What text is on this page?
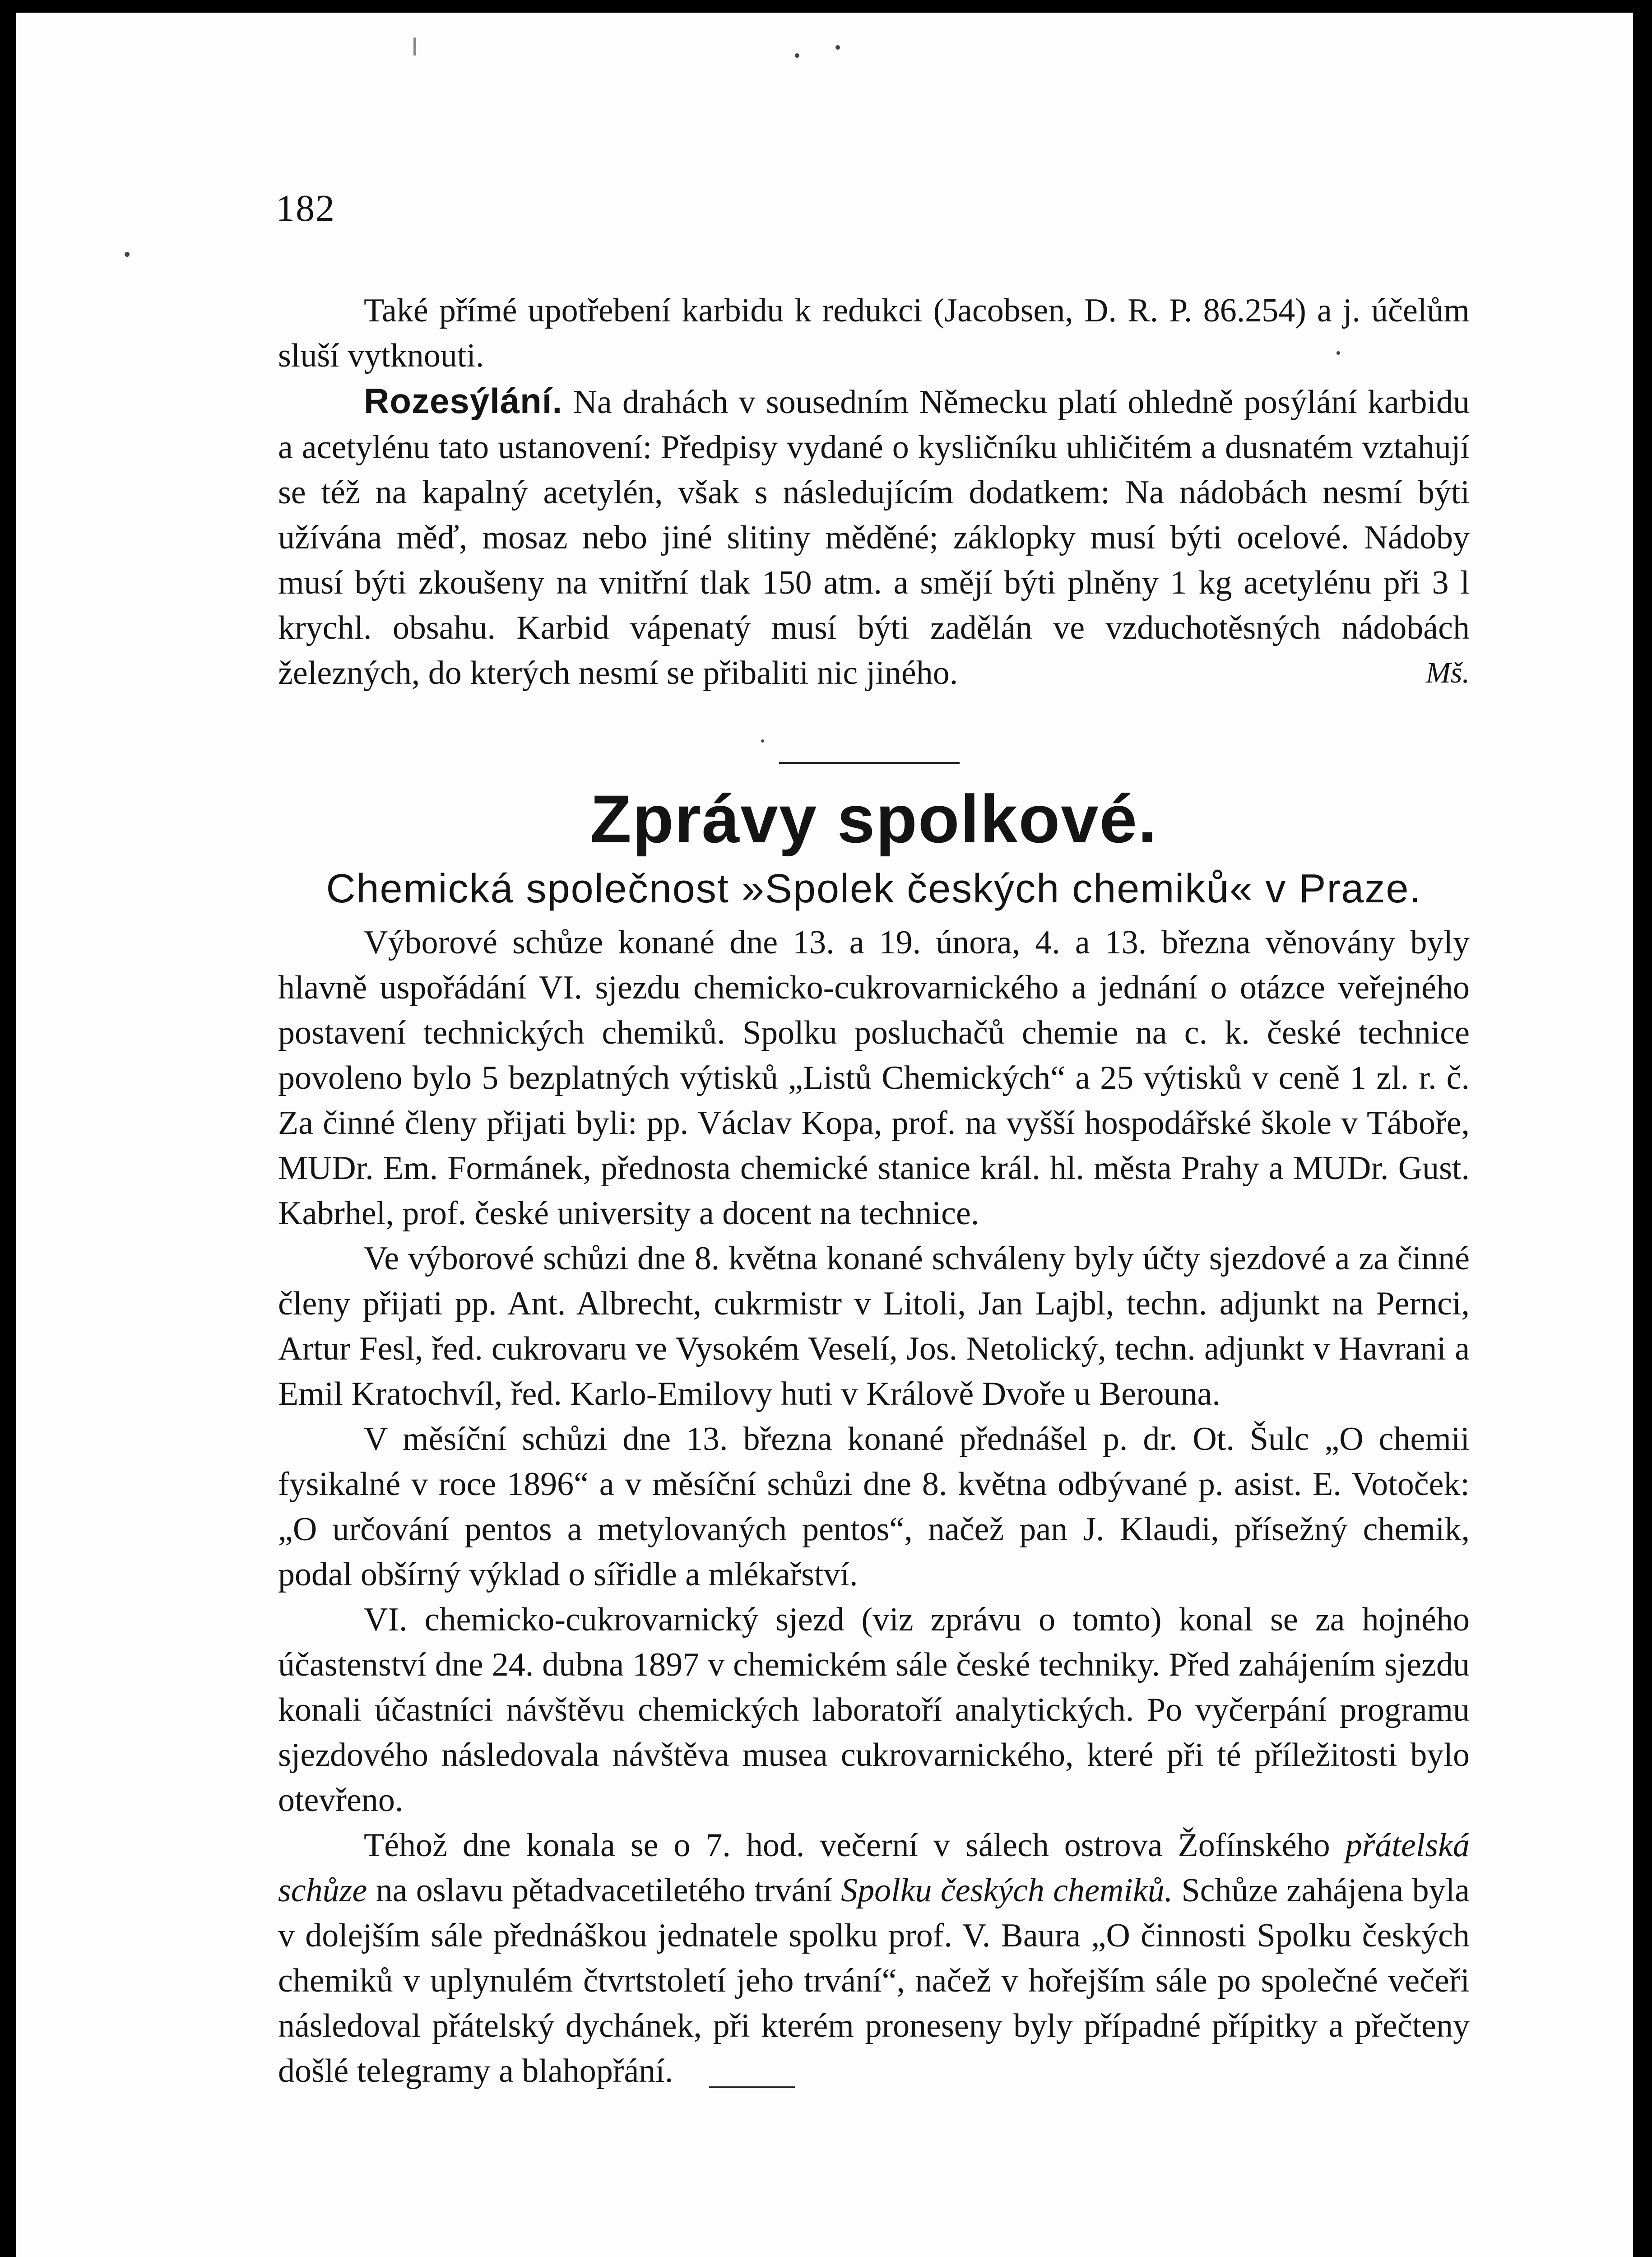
182

Také přímé upotřebení karbidu k redukci (Jacobsen, D. R. P. 86.254) a j. účelům sluší vytknouti.

Rozesýlání. Na drahách v sousedním Německu platí ohledně posýlání karbidu a acetylénu tato ustanovení: Předpisy vydané o kysličníku uhličitém a dusnatém vztahují se též na kapalný acetylén, však s následujícím dodatkem: Na nádobách nesmí býti užívána měď, mosaz nebo jiné slitiny měděné; záklopky musí býti ocelové. Nádoby musí býti zkoušeny na vnitřní tlak 150 atm. a smějí býti plněny 1 kg acetylénu při 3 l krychl. obsahu. Karbid vápenatý musí býti zadělán ve vzduchotěsných nádobách železných, do kterých nesmí se přibaliti nic jiného.	Mš.

Zprávy spolkové.
Chemická společnost »Spolek českých chemiků« v Praze.

Výborové schůze konané dne 13. a 19. února, 4. a 13. března věnovány byly hlavně uspořádání VI. sjezdu chemicko-cukrovarnického a jednání o otázce veřejného postavení technických chemiků. Spolku posluchačů chemie na c. k. české technice povoleno bylo 5 bezplatných výtisků „Listů Chemických“ a 25 výtisků v ceně 1 zl. r. č. Za činné členy přijati byli: pp. Václav Kopa, prof. na vyšší hospodářské škole v Táboře, MUDr. Em. Formánek, přednosta chemické stanice král. hl. města Prahy a MUDr. Gust. Kabrhel, prof. české university a docent na technice.

Ve výborové schůzi dne 8. května konané schváleny byly účty sjezdové a za činné členy přijati pp. Ant. Albrecht, cukrmistr v Litoli, Jan Lajbl, techn. adjunkt na Pernci, Artur Fesl, řed. cukrovaru ve Vysokém Veselí, Jos. Netolický, techn. adjunkt v Havrani a Emil Kratochvíl, řed. Karlo-Emilovy huti v Králově Dvoře u Berouna.

V měsíční schůzi dne 13. března konané přednášel p. dr. Ot. Šulc „O chemii fysikalné v roce 1896“ a v měsíční schůzi dne 8. května odbývané p. asist. E. Votoček: „O určování pentos a metylovaných pentos“, načež pan J. Klaudi, přísežný chemik, podal obšírný výklad o sířidle a mlékařství.

VI. chemicko-cukrovarnický sjezd (viz zprávu o tomto) konal se za hojného účastenství dne 24. dubna 1897 v chemickém sále české techniky. Před zahájením sjezdu konali účastníci návštěvu chemických laboratoří analytických. Po vyčerpání programu sjezdového následovala návštěva musea cukrovarnického, které při té příležitosti bylo otevřeno.

Téhož dne konala se o 7. hod. večerní v sálech ostrova Žofínského přátelská schůze na oslavu pětadvacetiletého trvání Spolku českých chemiků. Schůze zahájena byla v dolejším sále přednáškou jednatele spolku prof. V. Baura „O činnosti Spolku českých chemiků v uplynulém čtvrtstoletí jeho trvání“, načež v hořejším sále po společné večeři následoval přátelský dychánek, při kterém proneseny byly případné přípitky a přečteny došlé telegramy a blahopřání.
